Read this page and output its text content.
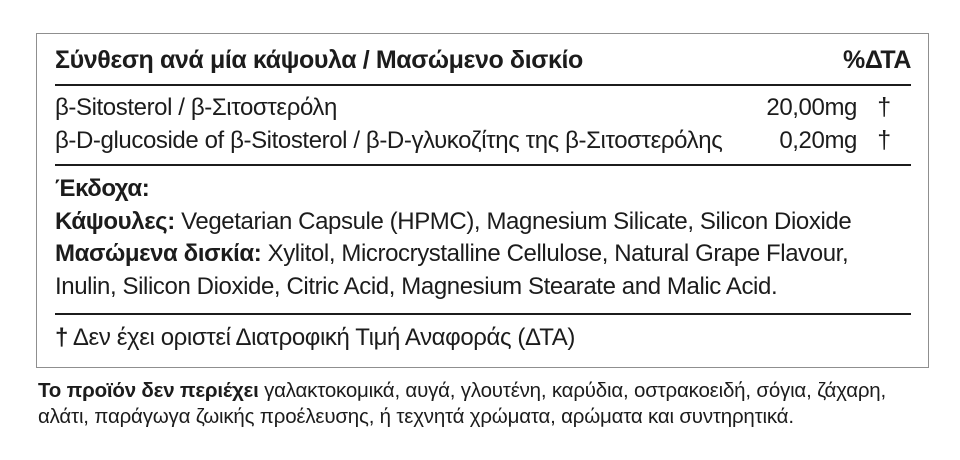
Σύνθεση ανά μία κάψουλα / Μασώμενο δισκίο	%ΔΤΑ
β-Sitosterol / β-Σιτοστερόλη	20,00mg †
β-D-glucoside of β-Sitosterol / β-D-γλυκοζίτης της β-Σιτοστερόλης	0,20mg †
Έκδοχα:
Κάψουλες: Vegetarian Capsule (HPMC), Magnesium Silicate, Silicon Dioxide
Μασώμενα δισκία: Xylitol, Microcrystalline Cellulose, Natural Grape Flavour, Inulin, Silicon Dioxide, Citric Acid, Magnesium Stearate and Malic Acid.
† Δεν έχει οριστεί Διατροφική Τιμή Αναφοράς (ΔΤΑ)
Το προϊόν δεν περιέχει γαλακτοκομικά, αυγά, γλουτένη, καρύδια, οστρακοειδή, σόγια, ζάχαρη, αλάτι, παράγωγα ζωικής προέλευσης, ή τεχνητά χρώματα, αρώματα και συντηρητικά.
